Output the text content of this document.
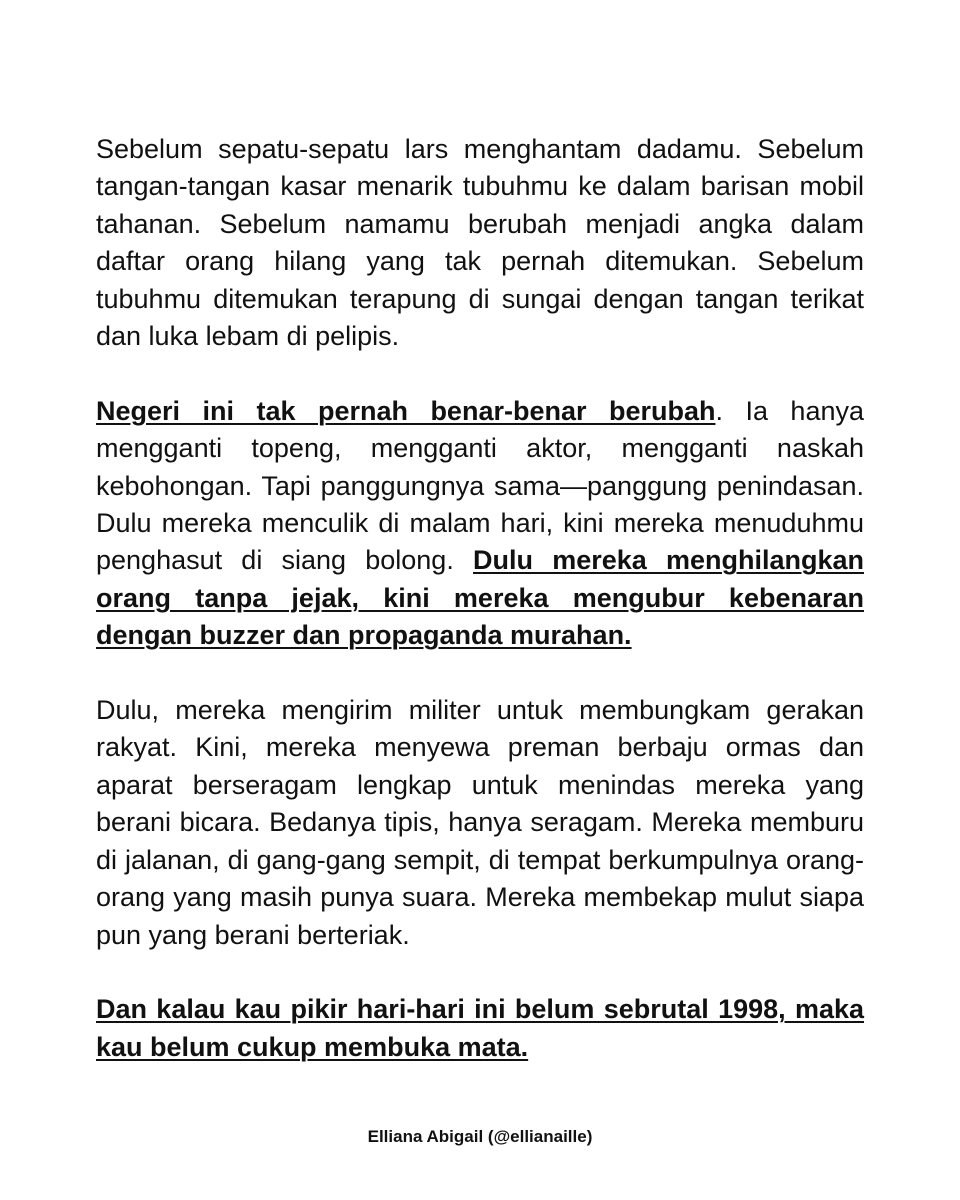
Sebelum sepatu-sepatu lars menghantam dadamu. Sebelum tangan-tangan kasar menarik tubuhmu ke dalam barisan mobil tahanan. Sebelum namamu berubah menjadi angka dalam daftar orang hilang yang tak pernah ditemukan. Sebelum tubuhmu ditemukan terapung di sungai dengan tangan terikat dan luka lebam di pelipis.

Negeri ini tak pernah benar-benar berubah. Ia hanya mengganti topeng, mengganti aktor, mengganti naskah kebohongan. Tapi panggungnya sama—panggung penindasan. Dulu mereka menculik di malam hari, kini mereka menuduhmu penghasut di siang bolong. Dulu mereka menghilangkan orang tanpa jejak, kini mereka mengubur kebenaran dengan buzzer dan propaganda murahan.

Dulu, mereka mengirim militer untuk membungkam gerakan rakyat. Kini, mereka menyewa preman berbaju ormas dan aparat berseragam lengkap untuk menindas mereka yang berani bicara. Bedanya tipis, hanya seragam. Mereka memburu di jalanan, di gang-gang sempit, di tempat berkumpulnya orang-orang yang masih punya suara. Mereka membekap mulut siapa pun yang berani berteriak.

Dan kalau kau pikir hari-hari ini belum sebrutal 1998, maka kau belum cukup membuka mata.

Elliana Abigail (@ellianaille)
